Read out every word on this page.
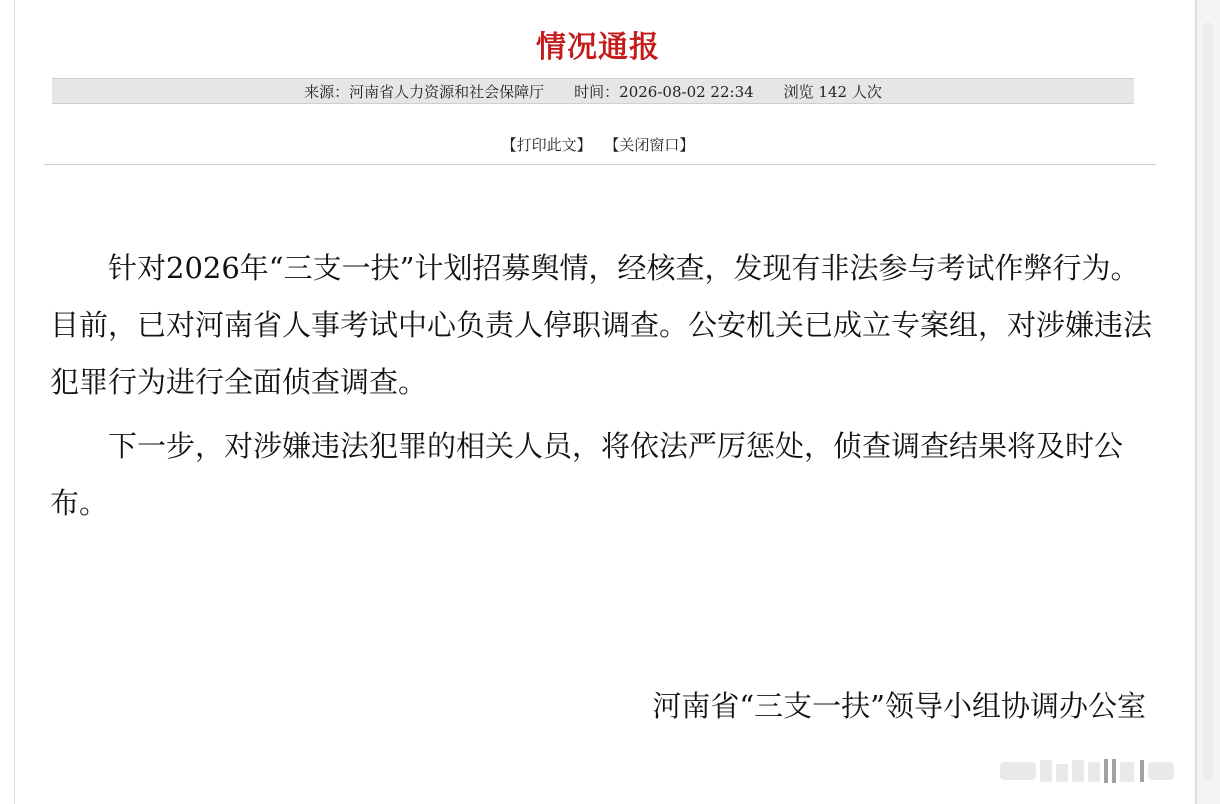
情况通报
来源：河南省人力资源和社会保障厅 时间：2026-08-02 22:34 浏览 142 人次
【打印此文】 【关闭窗口】

针对2026年“三支一扶”计划招募舆情，经核查，发现有非法参与考试作弊行为。目前，已对河南省人事考试中心负责人停职调查。公安机关已成立专案组，对涉嫌违法犯罪行为进行全面侦查调查。

下一步，对涉嫌违法犯罪的相关人员，将依法严厉惩处，侦查调查结果将及时公布。

河南省“三支一扶”领导小组协调办公室
